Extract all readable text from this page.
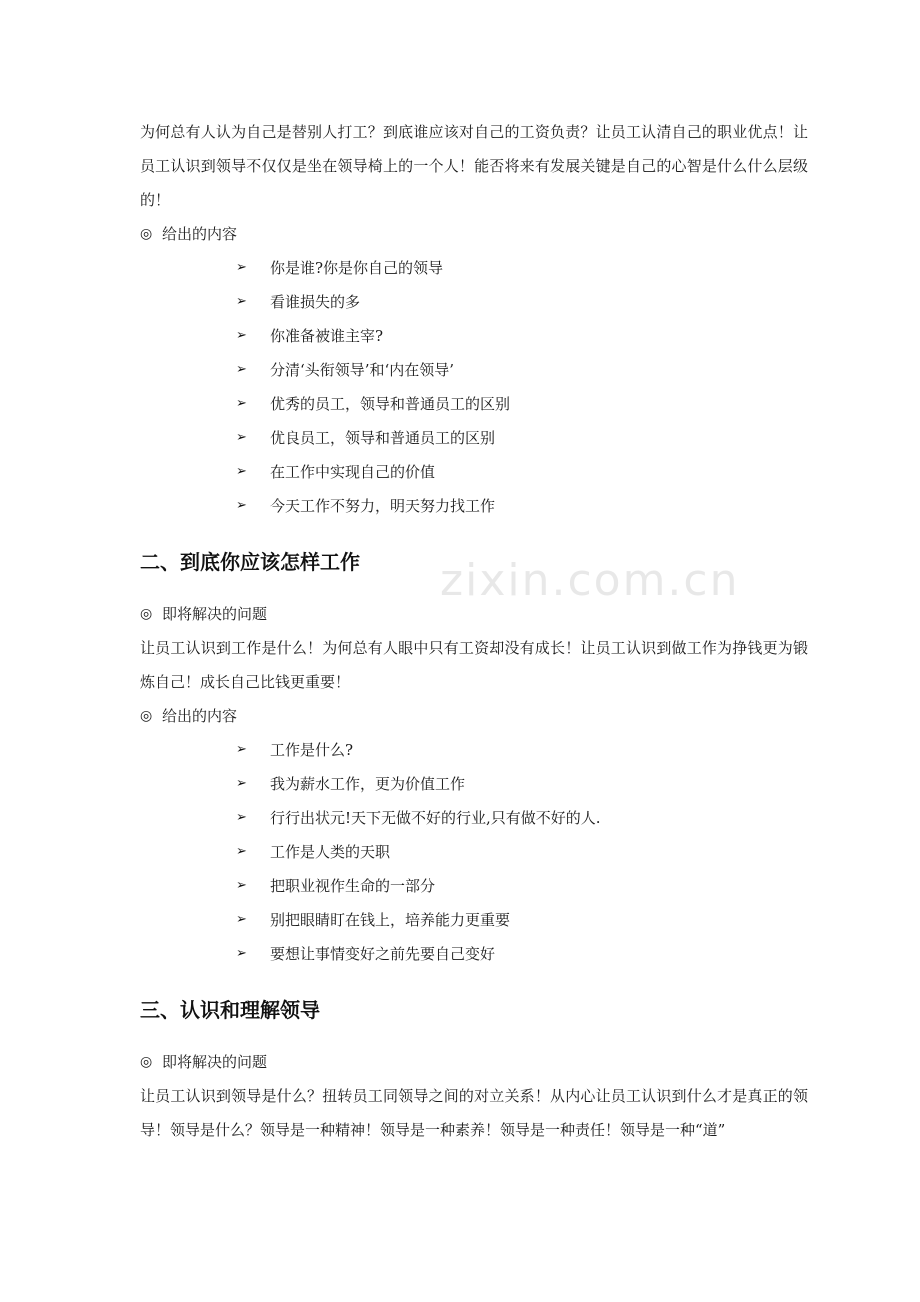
zixin.com.cn

为何总有人认为自己是替别人打工？到底谁应该对自己的工资负责？让员工认清自己的职业优点！让员工认识到领导不仅仅是坐在领导椅上的一个人！能否将来有发展关键是自己的心智是什么什么层级的！

◎ 给出的内容
➢	你是谁?你是你自己的领导
➢	看谁损失的多
➢	你准备被谁主宰?
➢	分清‘头衔领导’和‘内在领导’
➢	优秀的员工，领导和普通员工的区别
➢	优良员工，领导和普通员工的区别
➢	在工作中实现自己的价值
➢	今天工作不努力，明天努力找工作
二、到底你应该怎样工作
◎ 即将解决的问题

让员工认识到工作是什么！为何总有人眼中只有工资却没有成长！让员工认识到做工作为挣钱更为锻炼自己！成长自己比钱更重要！

◎ 给出的内容
➢	工作是什么?
➢	我为薪水工作，更为价值工作
➢	行行出状元!天下无做不好的行业,只有做不好的人.
➢	工作是人类的天职
➢	把职业视作生命的一部分
➢	别把眼睛盯在钱上，培养能力更重要
➢	要想让事情变好之前先要自己变好
三、认识和理解领导
◎ 即将解决的问题

让员工认识到领导是什么？扭转员工同领导之间的对立关系！从内心让员工认识到什么才是真正的领导！领导是什么？领导是一种精神！领导是一种素养！领导是一种责任！领导是一种“道”
